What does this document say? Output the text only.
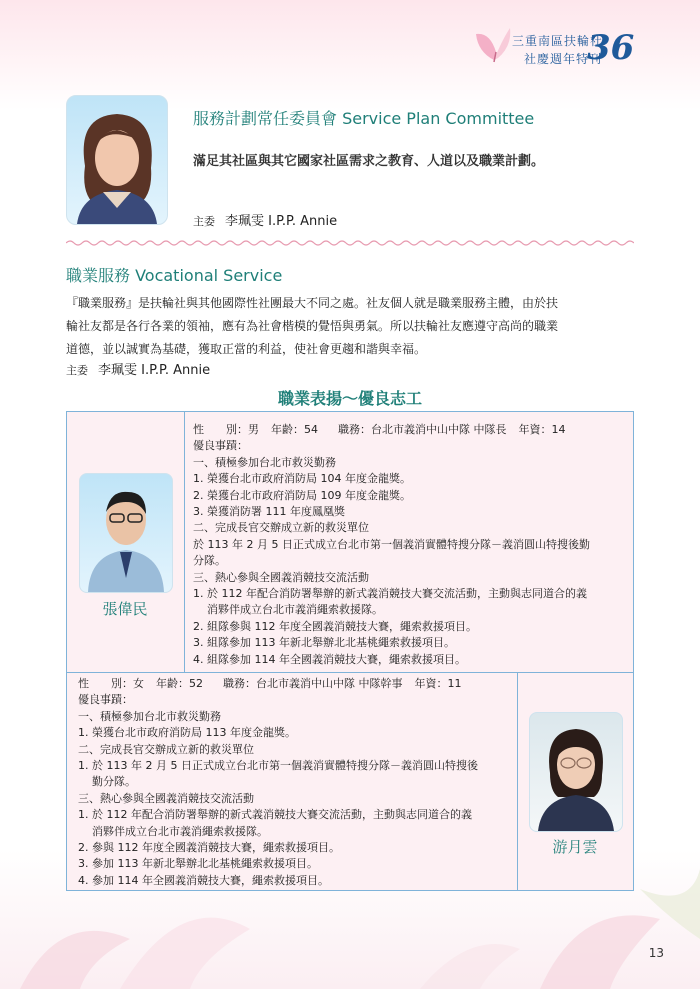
三重南區扶輪社
社慶週年特刊
36
服務計劃常任委員會 Service Plan Committee
滿足其社區與其它國家社區需求之教育、人道以及職業計劃。
主委 李珮雯 I.P.P. Annie
職業服務 Vocational Service

『職業服務』是扶輪社與其他國際性社團最大不同之處。社友個人就是職業服務主體，由於扶

輪社友都是各行各業的領袖，應有為社會楷模的覺悟與勇氣。所以扶輪社友應遵守高尚的職業

道德，並以誠實為基礎，獲取正當的利益，使社會更趨和諧與幸福。

主委 李珮雯 I.P.P. Annie
職業表揚～優良志工
張偉民
性　　別：男 年齡：54 職務：台北市義消中山中隊 中隊長 年資：14
優良事蹟：
一、積極參加台北市救災勤務
1. 榮獲台北市政府消防局 104 年度金龍獎。
2. 榮獲台北市政府消防局 109 年度金龍獎。
3. 榮獲消防署 111 年度鳳凰獎
二、完成長官交辦成立新的救災單位
於 113 年 2 月 5 日正式成立台北市第一個義消實體特搜分隊－義消圓山特搜後勤
分隊。
三、熱心參與全國義消競技交流活動
1. 於 112 年配合消防署舉辦的新式義消競技大賽交流活動，主動與志同道合的義
消夥伴成立台北市義消繩索救援隊。
2. 組隊參與 112 年度全國義消競技大賽，繩索救援項目。
3. 組隊參加 113 年新北舉辦北北基桃繩索救援項目。
4. 組隊參加 114 年全國義消競技大賽，繩索救援項目。
性　　別：女 年齡：52 職務：台北市義消中山中隊 中隊幹事 年資：11
優良事蹟：
一、積極參加台北市救災勤務
1. 榮獲台北市政府消防局 113 年度金龍獎。
二、完成長官交辦成立新的救災單位
1. 於 113 年 2 月 5 日正式成立台北市第一個義消實體特搜分隊－義消圓山特搜後
勤分隊。
三、熱心參與全國義消競技交流活動
1. 於 112 年配合消防署舉辦的新式義消競技大賽交流活動，主動與志同道合的義
消夥伴成立台北市義消繩索救援隊。
2. 參與 112 年度全國義消競技大賽，繩索救援項目。
3. 參加 113 年新北舉辦北北基桃繩索救援項目。
4. 參加 114 年全國義消競技大賽，繩索救援項目。
游月雲
13
